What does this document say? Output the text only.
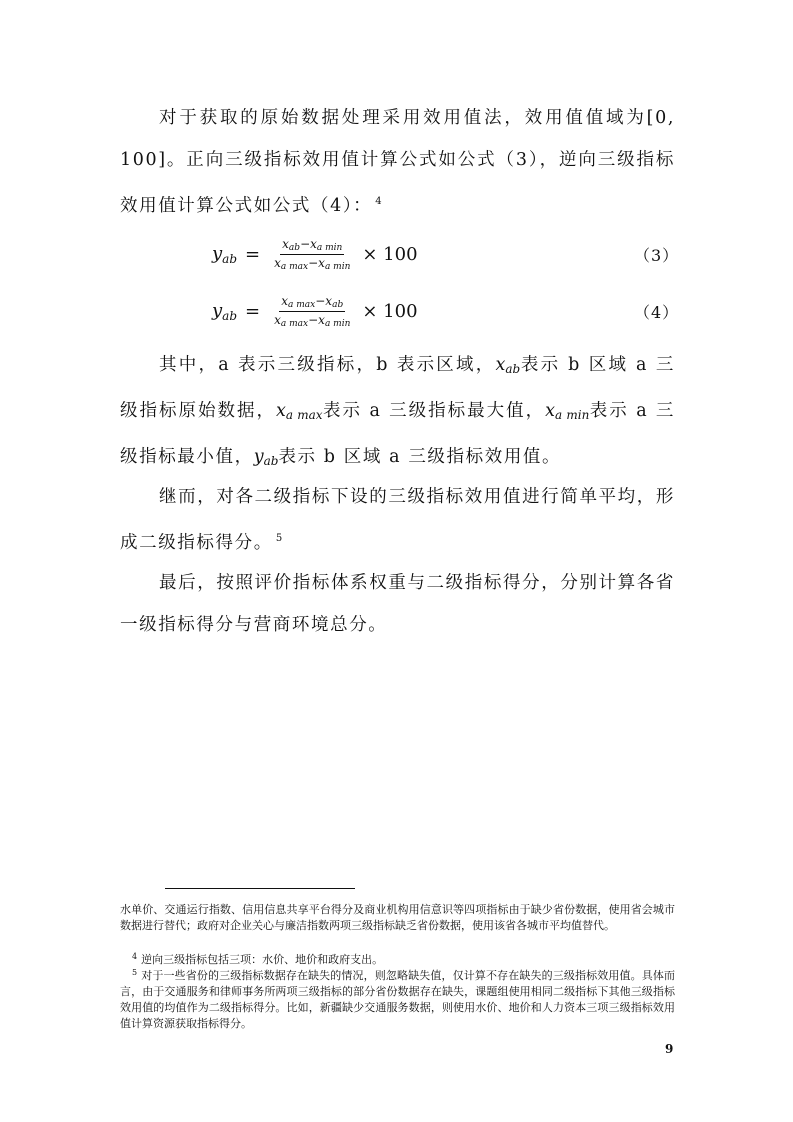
对于获取的原始数据处理采用效用值法，效用值值域为[0, 100]。正向三级指标效用值计算公式如公式（3），逆向三级指标效用值计算公式如公式（4）： $^4$

$y_{ab} = \frac{x_{ab}-x_{a min}}{x_{a max}-x_{a min}} \times 100$	（3）
$y_{ab} = \frac{x_{a max}-x_{ab}}{x_{a max}-x_{a min}} \times 100$	（4）

其中，a 表示三级指标，b 表示区域，$x_{ab}$表示 b 区域 a 三级指标原始数据，$x_{a max}$表示 a 三级指标最大值，$x_{a min}$表示 a 三级指标最小值，$y_{ab}$表示 b 区域 a 三级指标效用值。

继而，对各二级指标下设的三级指标效用值进行简单平均，形成二级指标得分。 $^5$

最后，按照评价指标体系权重与二级指标得分，分别计算各省一级指标得分与营商环境总分。

水单价、交通运行指数、信用信息共享平台得分及商业机构用信意识等四项指标由于缺少省份数据，使用省会城市数据进行替代；政府对企业关心与廉洁指数两项三级指标缺乏省份数据，使用该省各城市平均值替代。

$^4$ 逆向三级指标包括三项：水价、地价和政府支出。

$^5$ 对于一些省份的三级指标数据存在缺失的情况，则忽略缺失值，仅计算不存在缺失的三级指标效用值。具体而言，由于交通服务和律师事务所两项三级指标的部分省份数据存在缺失，课题组使用相同二级指标下其他三级指标效用值的均值作为二级指标得分。比如，新疆缺少交通服务数据，则使用水价、地价和人力资本三项三级指标效用值计算资源获取指标得分。

9
